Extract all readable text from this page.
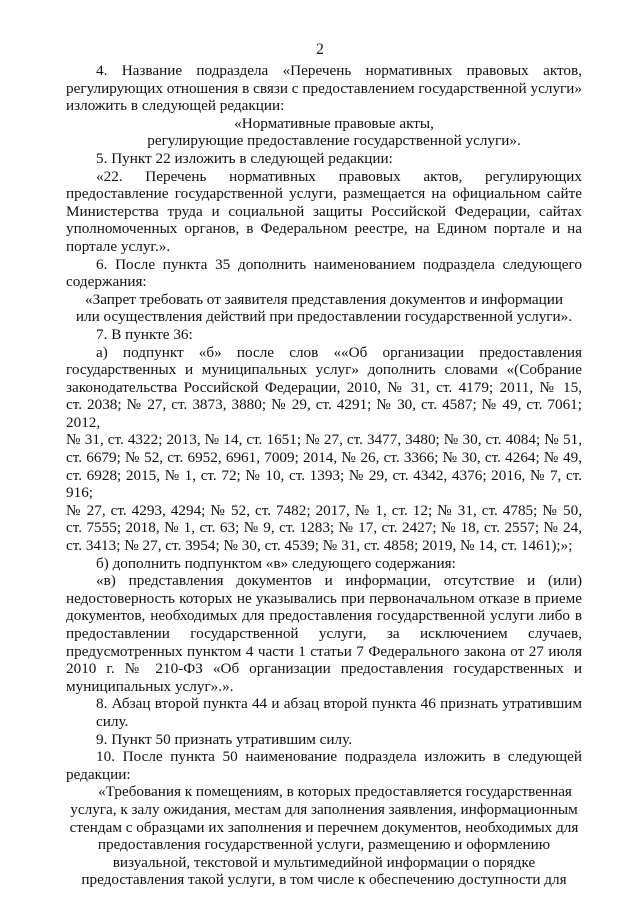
2

4. Название подраздела «Перечень нормативных правовых актов,

регулирующих отношения в связи с предоставлением государственной услуги»

изложить в следующей редакции:

«Нормативные правовые акты,

регулирующие предоставление государственной услуги».

5. Пункт 22 изложить в следующей редакции:

«22. Перечень нормативных правовых актов, регулирующих

предоставление государственной услуги, размещается на официальном сайте

Министерства труда и социальной защиты Российской Федерации, сайтах

уполномоченных органов, в Федеральном реестре, на Едином портале и на

портале услуг.».

6. После пункта 35 дополнить наименованием подраздела следующего

содержания:

«Запрет требовать от заявителя представления документов и информации

или осуществления действий при предоставлении государственной услуги».

7. В пункте 36:

а) подпункт «б» после слов ««Об организации предоставления

государственных и муниципальных услуг» дополнить словами «(Собрание

законодательства Российской Федерации, 2010, № 31, ст. 4179; 2011, № 15,

ст. 2038; № 27, ст. 3873, 3880; № 29, ст. 4291; № 30, ст. 4587; № 49, ст. 7061; 2012,

№ 31, ст. 4322; 2013, № 14, ст. 1651; № 27, ст. 3477, 3480; № 30, ст. 4084; № 51,

ст. 6679; № 52, ст. 6952, 6961, 7009; 2014, № 26, ст. 3366; № 30, ст. 4264; № 49,

ст. 6928; 2015, № 1, ст. 72; № 10, ст. 1393; № 29, ст. 4342, 4376; 2016, № 7, ст. 916;

№ 27, ст. 4293, 4294; № 52, ст. 7482; 2017, № 1, ст. 12; № 31, ст. 4785; № 50,

ст. 7555; 2018, № 1, ст. 63; № 9, ст. 1283; № 17, ст. 2427; № 18, ст. 2557; № 24,

ст. 3413; № 27, ст. 3954; № 30, ст. 4539; № 31, ст. 4858; 2019, № 14, ст. 1461);»;

б) дополнить подпунктом «в» следующего содержания:

«в) представления документов и информации, отсутствие и (или)

недостоверность которых не указывались при первоначальном отказе в приеме

документов, необходимых для предоставления государственной услуги либо в

предоставлении государственной услуги, за исключением случаев,

предусмотренных пунктом 4 части 1 статьи 7 Федерального закона от 27 июля

2010 г. № 210-ФЗ «Об организации предоставления государственных и

муниципальных услуг».».

8. Абзац второй пункта 44 и абзац второй пункта 46 признать утратившим

силу.

9. Пункт 50 признать утратившим силу.

10. После пункта 50 наименование подраздела изложить в следующей

редакции:

«Требования к помещениям, в которых предоставляется государственная

услуга, к залу ожидания, местам для заполнения заявления, информационным

стендам с образцами их заполнения и перечнем документов, необходимых для

предоставления государственной услуги, размещению и оформлению

визуальной, текстовой и мультимедийной информации о порядке

предоставления такой услуги, в том числе к обеспечению доступности для
